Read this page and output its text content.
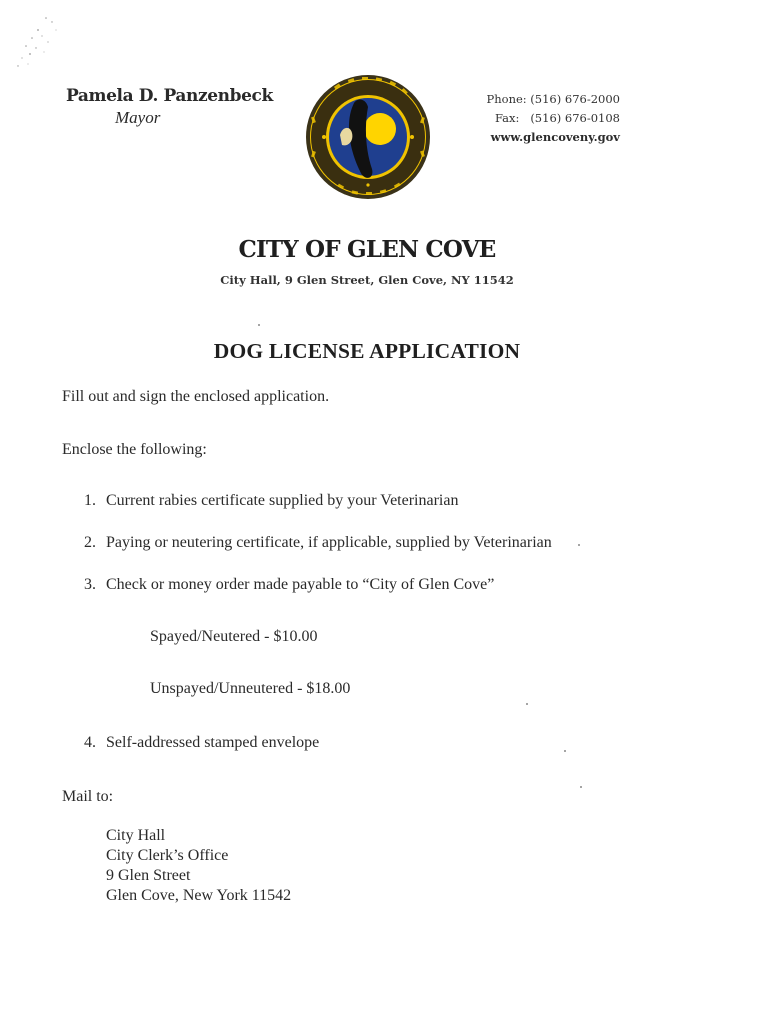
Pamela D. Panzenbeck
Mayor
Phone: (516) 676-2000
Fax:   (516) 676-0108
www.glencoveny.gov
CITY OF GLEN COVE
City Hall, 9 Glen Street, Glen Cove, NY 11542
DOG LICENSE APPLICATION
Fill out and sign the enclosed application.
Enclose the following:
1. Current rabies certificate supplied by your Veterinarian
2. Paying or neutering certificate, if applicable, supplied by Veterinarian
3. Check or money order made payable to “City of Glen Cove”
Spayed/Neutered - $10.00
Unspayed/Unneutered - $18.00
4. Self-addressed stamped envelope
Mail to:
City Hall
City Clerk’s Office
9 Glen Street
Glen Cove, New York 11542
